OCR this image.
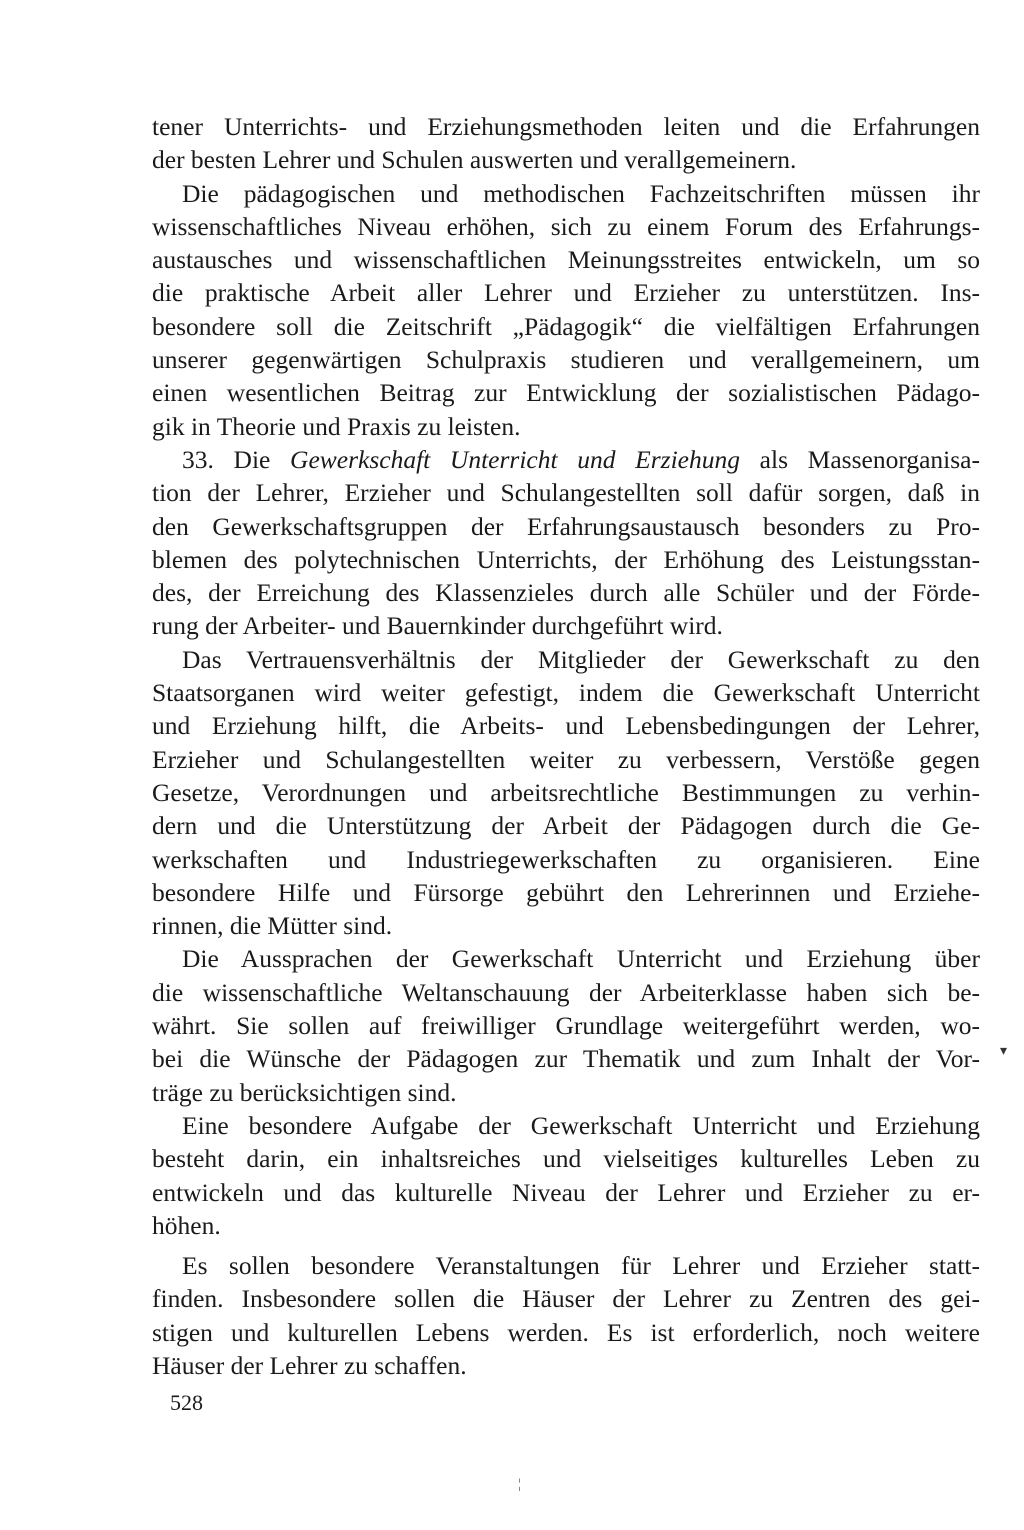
tener Unterrichts- und Erziehungsmethoden leiten und die Erfahrungen
der besten Lehrer und Schulen auswerten und verallgemeinern.
Die pädagogischen und methodischen Fachzeitschriften müssen ihr
wissenschaftliches Niveau erhöhen, sich zu einem Forum des Erfahrungs-
austausches und wissenschaftlichen Meinungsstreites entwickeln, um so
die praktische Arbeit aller Lehrer und Erzieher zu unterstützen. Ins-
besondere soll die Zeitschrift „Pädagogik“ die vielfältigen Erfahrungen
unserer gegenwärtigen Schulpraxis studieren und verallgemeinern, um
einen wesentlichen Beitrag zur Entwicklung der sozialistischen Pädago-
gik in Theorie und Praxis zu leisten.
33. Die Gewerkschaft Unterricht und Erziehung als Massenorganisa-
tion der Lehrer, Erzieher und Schulangestellten soll dafür sorgen, daß in
den Gewerkschaftsgruppen der Erfahrungsaustausch besonders zu Pro-
blemen des polytechnischen Unterrichts, der Erhöhung des Leistungsstan-
des, der Erreichung des Klassenzieles durch alle Schüler und der Förde-
rung der Arbeiter- und Bauernkinder durchgeführt wird.
Das Vertrauensverhältnis der Mitglieder der Gewerkschaft zu den
Staatsorganen wird weiter gefestigt, indem die Gewerkschaft Unterricht
und Erziehung hilft, die Arbeits- und Lebensbedingungen der Lehrer,
Erzieher und Schulangestellten weiter zu verbessern, Verstöße gegen
Gesetze, Verordnungen und arbeitsrechtliche Bestimmungen zu verhin-
dern und die Unterstützung der Arbeit der Pädagogen durch die Ge-
werkschaften und Industriegewerkschaften zu organisieren. Eine
besondere Hilfe und Fürsorge gebührt den Lehrerinnen und Erziehe-
rinnen, die Mütter sind.
Die Aussprachen der Gewerkschaft Unterricht und Erziehung über
die wissenschaftliche Weltanschauung der Arbeiterklasse haben sich be-
währt. Sie sollen auf freiwilliger Grundlage weitergeführt werden, wo-
bei die Wünsche der Pädagogen zur Thematik und zum Inhalt der Vor-
träge zu berücksichtigen sind.
Eine besondere Aufgabe der Gewerkschaft Unterricht und Erziehung
besteht darin, ein inhaltsreiches und vielseitiges kulturelles Leben zu
entwickeln und das kulturelle Niveau der Lehrer und Erzieher zu er-
höhen.
Es sollen besondere Veranstaltungen für Lehrer und Erzieher statt-
finden. Insbesondere sollen die Häuser der Lehrer zu Zentren des gei-
stigen und kulturellen Lebens werden. Es ist erforderlich, noch weitere
Häuser der Lehrer zu schaffen.
528
▾
¦
